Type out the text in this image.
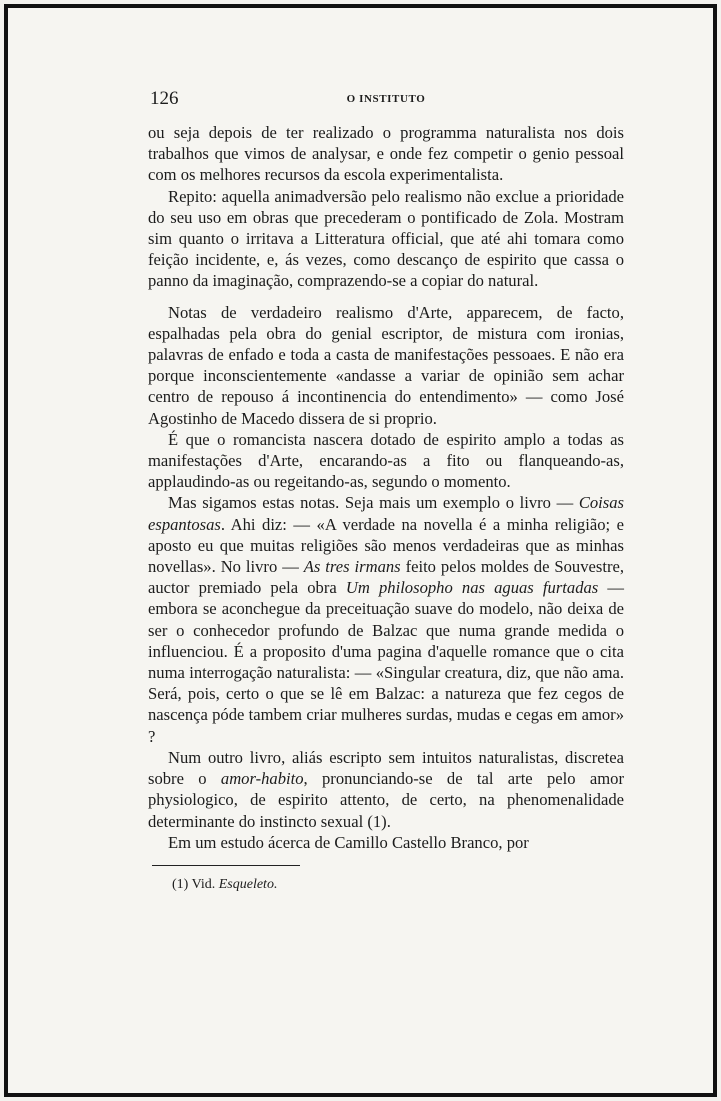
126	O INSTITUTO

ou seja depois de ter realizado o programma naturalista nos dois trabalhos que vimos de analysar, e onde fez competir o genio pessoal com os melhores recursos da escola experimentalista.

Repito: aquella animadversão pelo realismo não exclue a prioridade do seu uso em obras que precederam o pontificado de Zola. Mostram sim quanto o irritava a Litteratura official, que até ahi tomara como feição incidente, e, ás vezes, como descanço de espirito que cassa o panno da imaginação, comprazendo-se a copiar do natural.

Notas de verdadeiro realismo d'Arte, apparecem, de facto, espalhadas pela obra do genial escriptor, de mistura com ironias, palavras de enfado e toda a casta de manifestações pessoaes. E não era porque inconscientemente «andasse a variar de opinião sem achar centro de repouso á incontinencia do entendimento» — como José Agostinho de Macedo dissera de si proprio.

É que o romancista nascera dotado de espirito amplo a todas as manifestações d'Arte, encarando-as a fito ou flanqueando-as, applaudindo-as ou regeitando-as, segundo o momento.

Mas sigamos estas notas. Seja mais um exemplo o livro — Coisas espantosas. Ahi diz: — «A verdade na novella é a minha religião; e aposto eu que muitas religiões são menos verdadeiras que as minhas novellas». No livro — As tres irmans feito pelos moldes de Souvestre, auctor premiado pela obra Um philosopho nas aguas furtadas — embora se aconchegue da preceituação suave do modelo, não deixa de ser o conhecedor profundo de Balzac que numa grande medida o influenciou. É a proposito d'uma pagina d'aquelle romance que o cita numa interrogação naturalista: — «Singular creatura, diz, que não ama. Será, pois, certo o que se lê em Balzac: a natureza que fez cegos de nascença póde tambem criar mulheres surdas, mudas e cegas em amor» ?

Num outro livro, aliás escripto sem intuitos naturalistas, discreteа sobre o amor-habito, pronunciando-se de tal arte pelo amor physiologico, de espirito attento, de certo, na phenomenalidade determinante do instincto sexual (1).

Em um estudo ácerca de Camillo Castello Branco, por

(1) Vid. Esqueleto.
